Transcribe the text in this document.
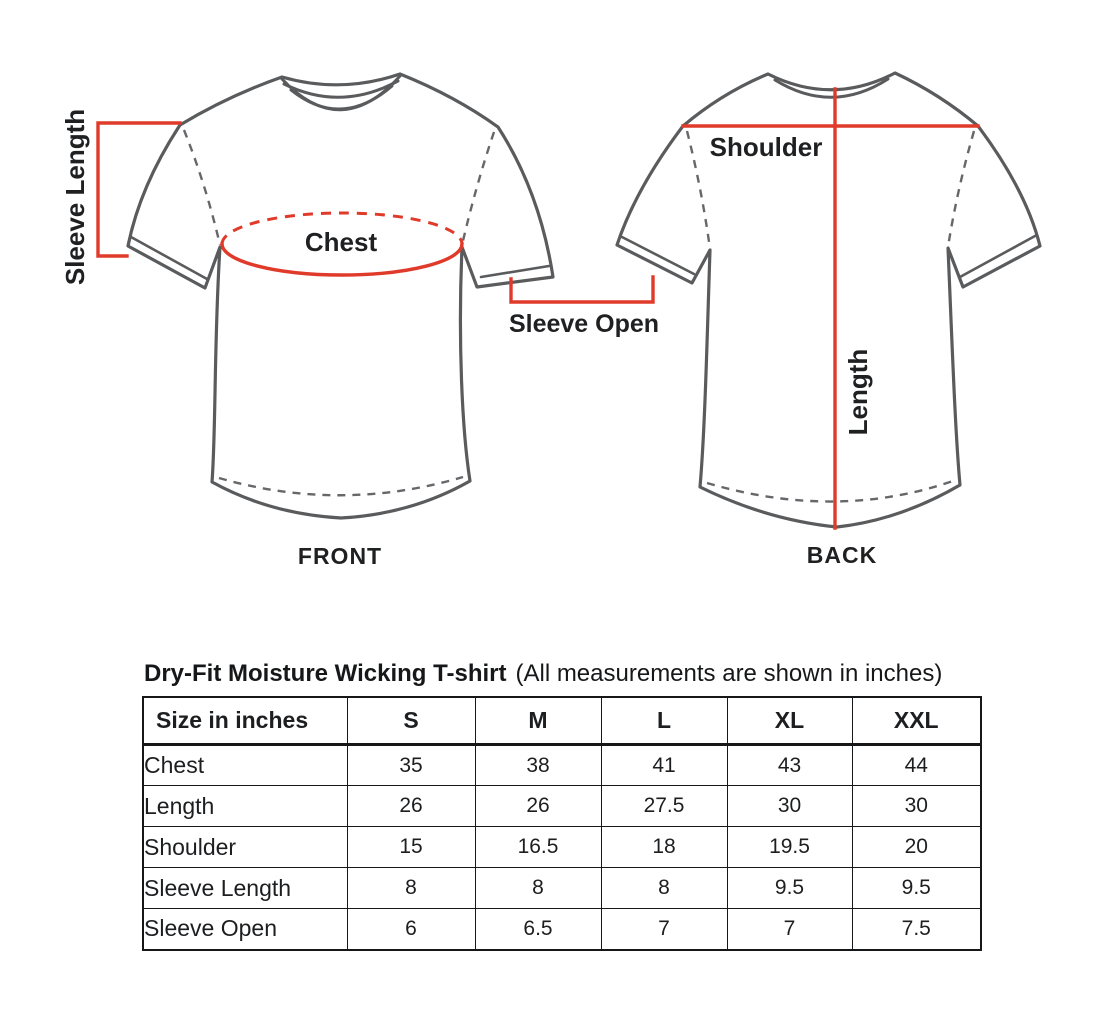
Sleeve Length	Chest
Sleeve Open
FRONT
Shoulder
Length
BACK
Dry-Fit Moisture Wicking T-shirt (All measurements are shown in inches)
Size in inches	S	M	L	XL	XXL
Chest	35	38	41	43	44
Length	26	26	27.5	30	30
Shoulder	15	16.5	18	19.5	20
Sleeve Length	8	8	8	9.5	9.5
Sleeve Open	6	6.5	7	7	7.5
